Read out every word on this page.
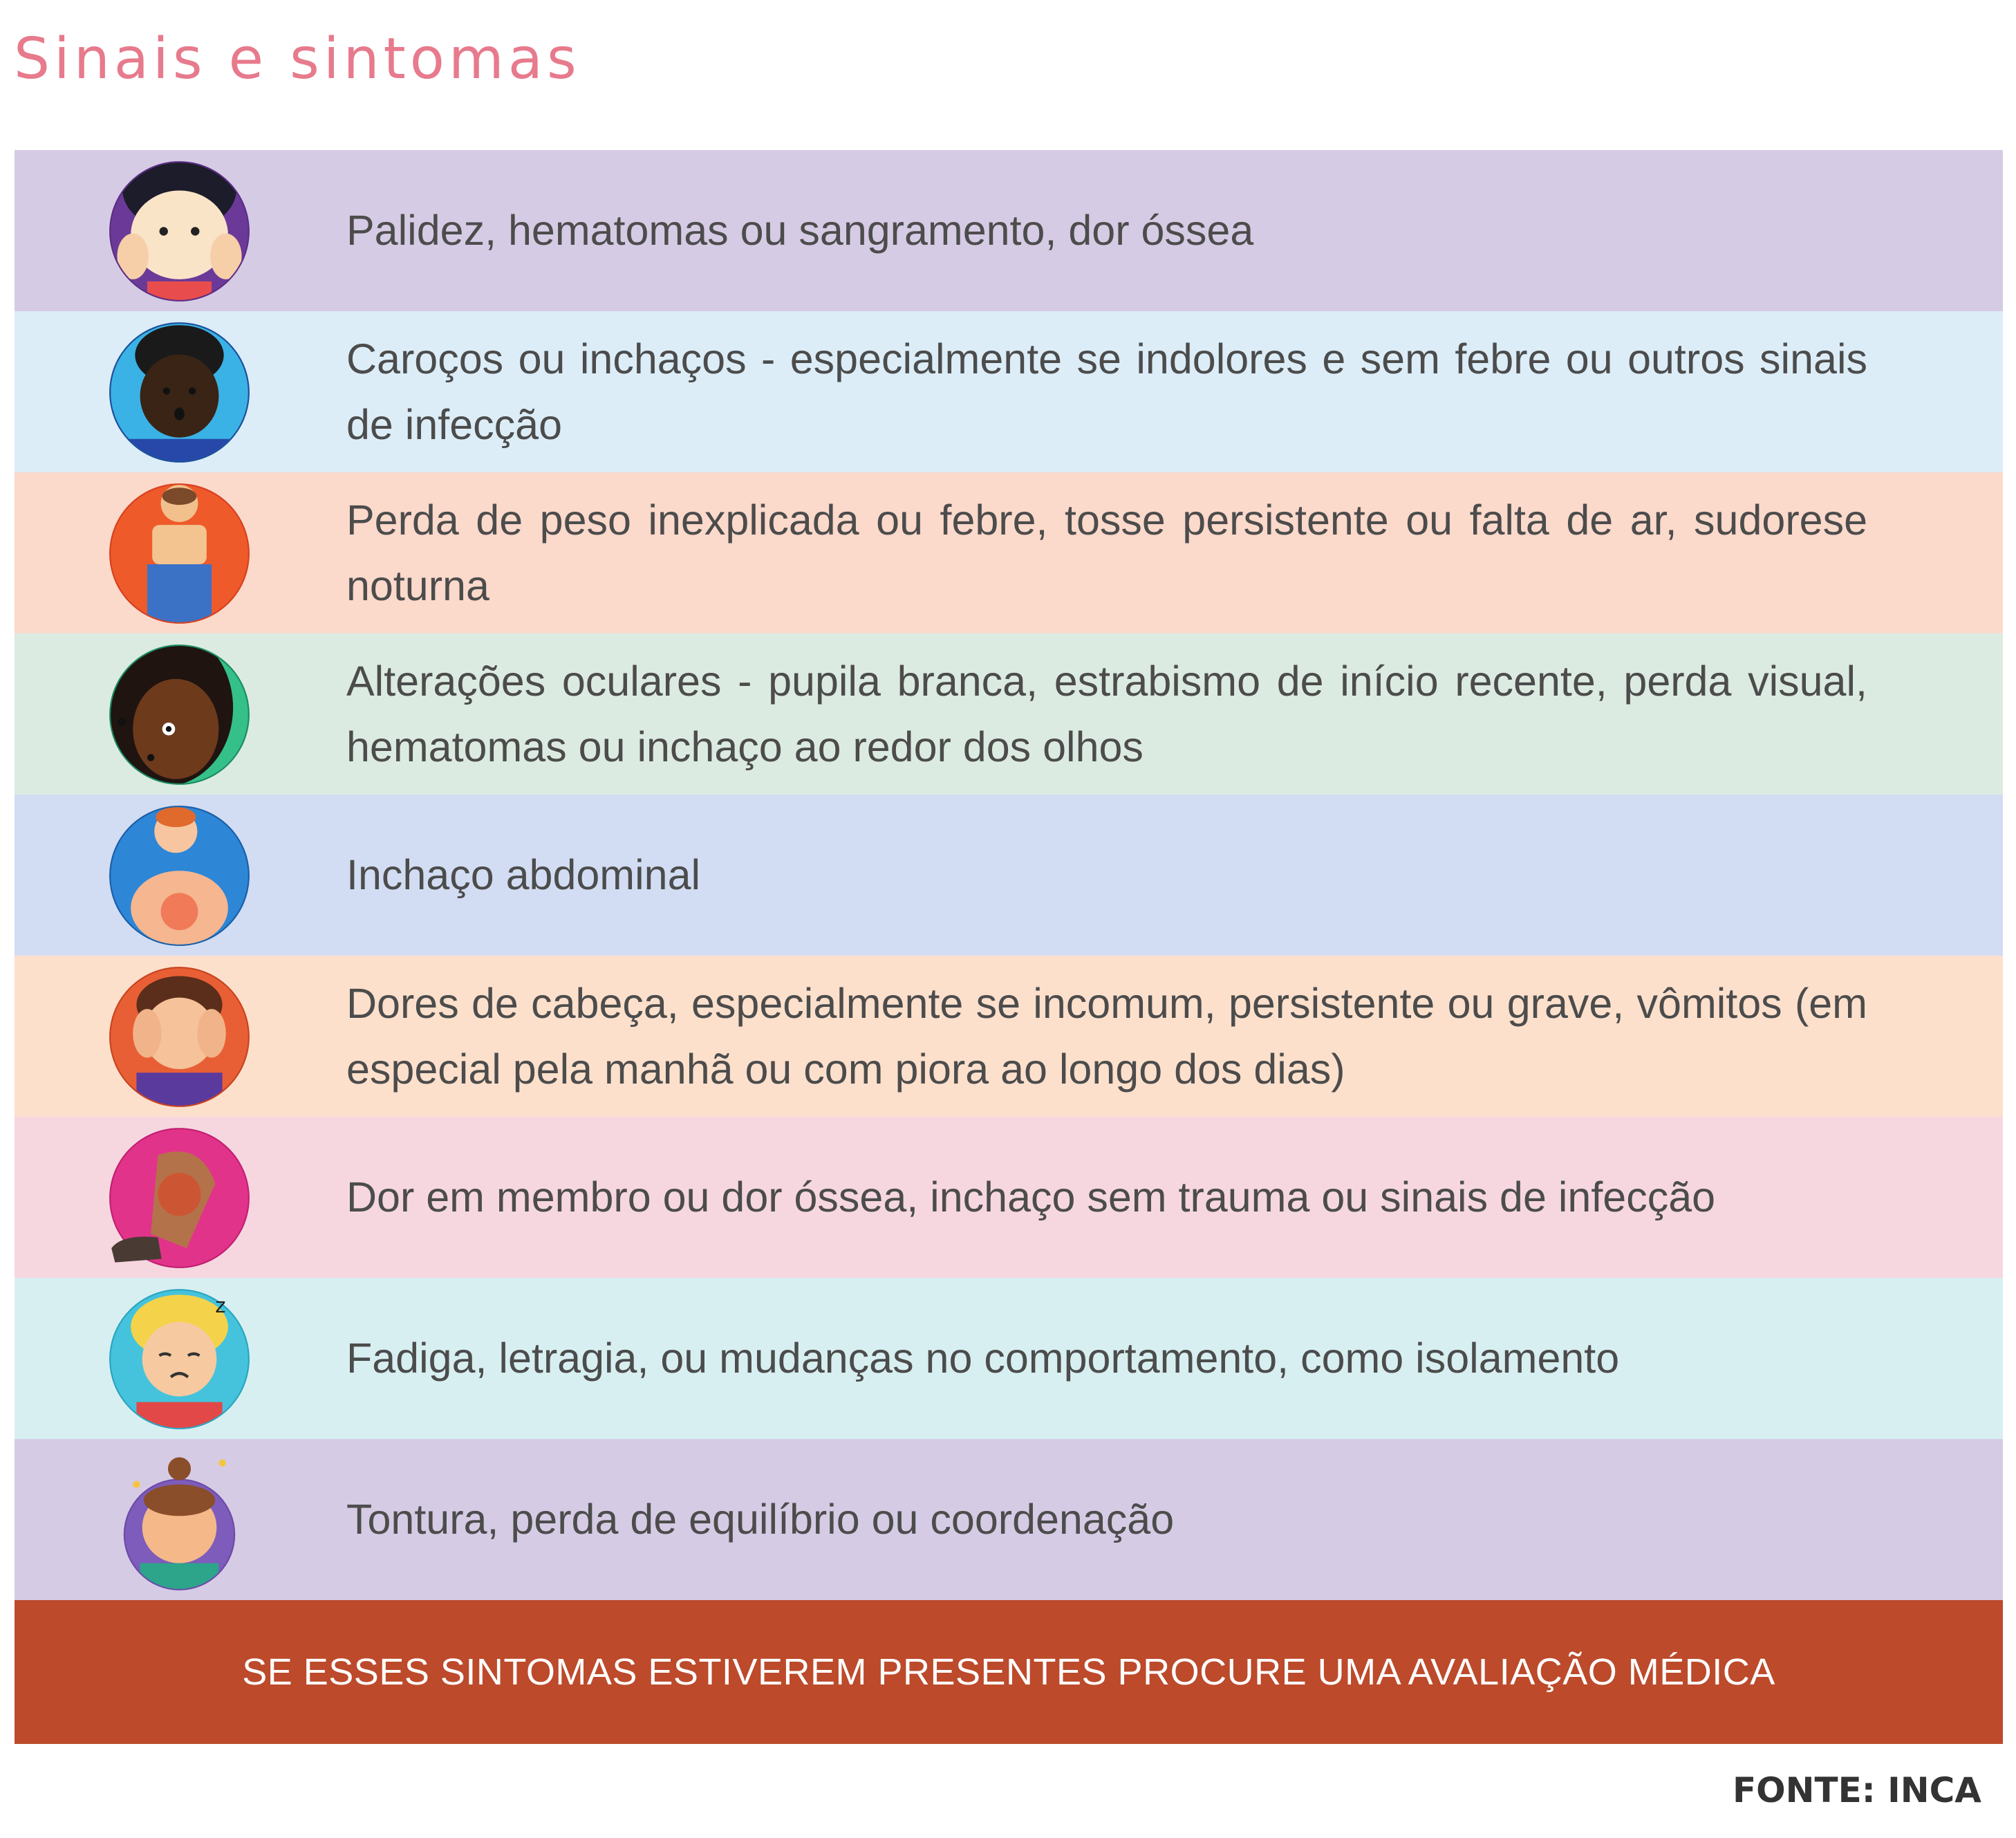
Sinais e sintomas
Palidez, hematomas ou sangramento, dor óssea
Caroços ou inchaços - especialmente se indolores e sem febre ou outros sinais de infecção
Perda de peso inexplicada ou febre, tosse persistente ou falta de ar, sudorese noturna
Alterações oculares - pupila branca, estrabismo de início recente, perda visual, hematomas ou inchaço ao redor dos olhos
Inchaço abdominal
Dores de cabeça, especialmente se incomum, persistente ou grave, vômitos (em especial pela manhã ou com piora ao longo dos dias)
Dor em membro ou dor óssea, inchaço sem trauma ou sinais de infecção
z
Fadiga, letragia, ou mudanças no comportamento, como isolamento
Tontura, perda de equilíbrio ou coordenação
SE ESSES SINTOMAS ESTIVEREM PRESENTES PROCURE UMA AVALIAÇÃO MÉDICA
FONTE: INCA
